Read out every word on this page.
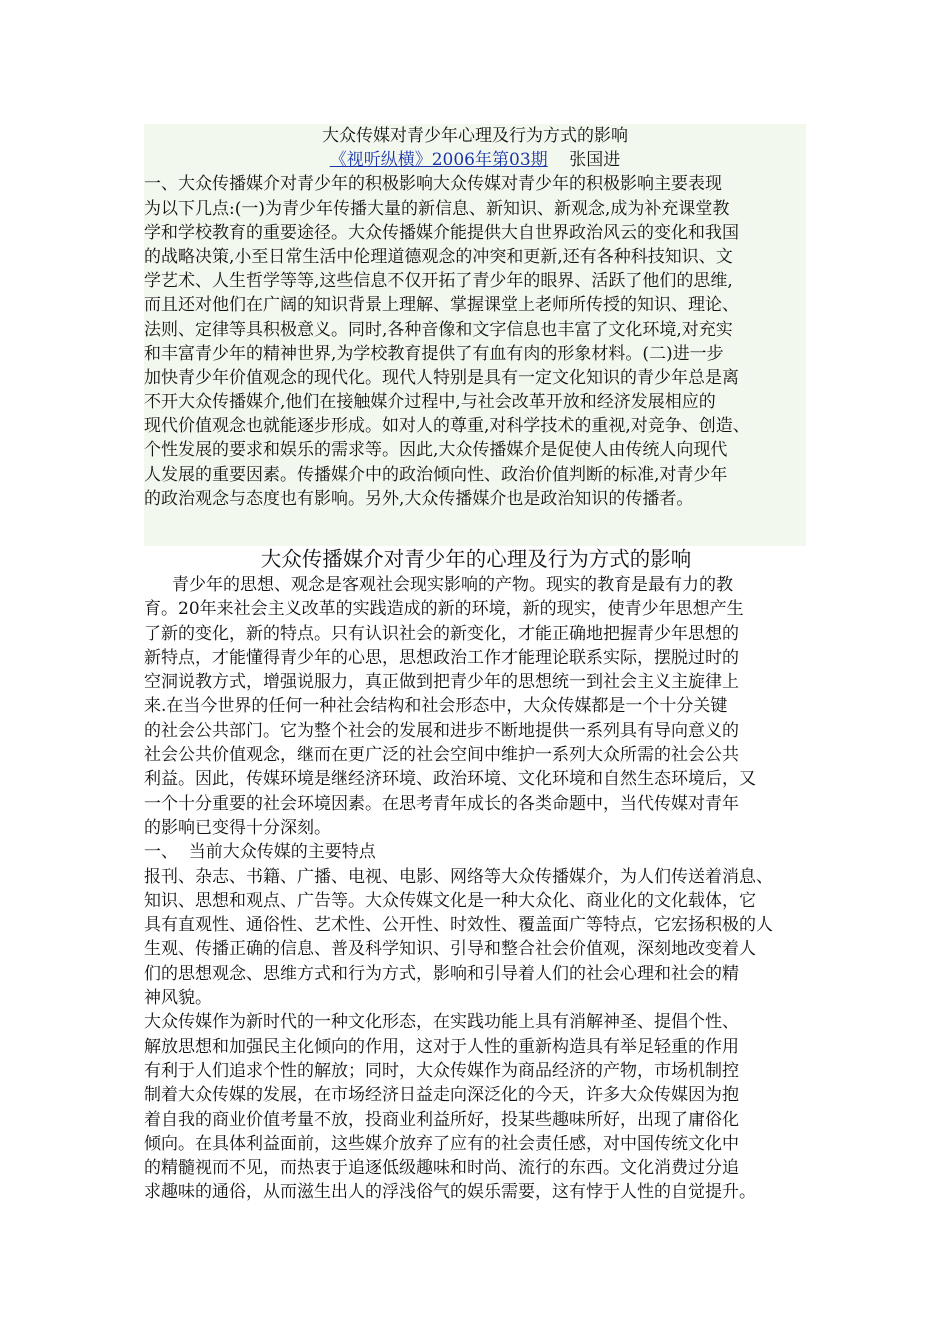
大众传媒对青少年心理及行为方式的影响
《视听纵横》2006年第03期 张国进
一、大众传播媒介对青少年的积极影响大众传媒对青少年的积极影响主要表现
为以下几点:(一)为青少年传播大量的新信息、新知识、新观念,成为补充课堂教
学和学校教育的重要途径。大众传播媒介能提供大自世界政治风云的变化和我国
的战略决策,小至日常生活中伦理道德观念的冲突和更新,还有各种科技知识、文
学艺术、人生哲学等等,这些信息不仅开拓了青少年的眼界、活跃了他们的思维,
而且还对他们在广阔的知识背景上理解、掌握课堂上老师所传授的知识、理论、
法则、定律等具积极意义。同时,各种音像和文字信息也丰富了文化环境,对充实
和丰富青少年的精神世界,为学校教育提供了有血有肉的形象材料。(二)进一步
加快青少年价值观念的现代化。现代人特别是具有一定文化知识的青少年总是离
不开大众传播媒介,他们在接触媒介过程中,与社会改革开放和经济发展相应的
现代价值观念也就能逐步形成。如对人的尊重,对科学技术的重视,对竞争、创造、
个性发展的要求和娱乐的需求等。因此,大众传播媒介是促使人由传统人向现代
人发展的重要因素。传播媒介中的政治倾向性、政治价值判断的标准,对青少年
的政治观念与态度也有影响。另外,大众传播媒介也是政治知识的传播者。
大众传播媒介对青少年的心理及行为方式的影响
青少年的思想、观念是客观社会现实影响的产物。现实的教育是最有力的教
育。20年来社会主义改革的实践造成的新的环境，新的现实，使青少年思想产生
了新的变化，新的特点。只有认识社会的新变化，才能正确地把握青少年思想的
新特点，才能懂得青少年的心思，思想政治工作才能理论联系实际，摆脱过时的
空洞说教方式，增强说服力，真正做到把青少年的思想统一到社会主义主旋律上
来.在当今世界的任何一种社会结构和社会形态中，大众传媒都是一个十分关键
的社会公共部门。它为整个社会的发展和进步不断地提供一系列具有导向意义的
社会公共价值观念，继而在更广泛的社会空间中维护一系列大众所需的社会公共
利益。因此，传媒环境是继经济环境、政治环境、文化环境和自然生态环境后，又
一个十分重要的社会环境因素。在思考青年成长的各类命题中，当代传媒对青年
的影响已变得十分深刻。
一、  当前大众传媒的主要特点
报刊、杂志、书籍、广播、电视、电影、网络等大众传播媒介，为人们传送着消息、
知识、思想和观点、广告等。大众传媒文化是一种大众化、商业化的文化载体，它
具有直观性、通俗性、艺术性、公开性、时效性、覆盖面广等特点，它宏扬积极的人
生观、传播正确的信息、普及科学知识、引导和整合社会价值观，深刻地改变着人
们的思想观念、思维方式和行为方式，影响和引导着人们的社会心理和社会的精
神风貌。
大众传媒作为新时代的一种文化形态，在实践功能上具有消解神圣、提倡个性、
解放思想和加强民主化倾向的作用，这对于人性的重新构造具有举足轻重的作用
有利于人们追求个性的解放；同时，大众传媒作为商品经济的产物，市场机制控
制着大众传媒的发展，在市场经济日益走向深泛化的今天，许多大众传媒因为抱
着自我的商业价值考量不放，投商业利益所好，投某些趣味所好，出现了庸俗化
倾向。在具体利益面前，这些媒介放弃了应有的社会责任感，对中国传统文化中
的精髓视而不见，而热衷于追逐低级趣味和时尚、流行的东西。文化消费过分追
求趣味的通俗，从而滋生出人的浮浅俗气的娱乐需要，这有悖于人性的自觉提升。
